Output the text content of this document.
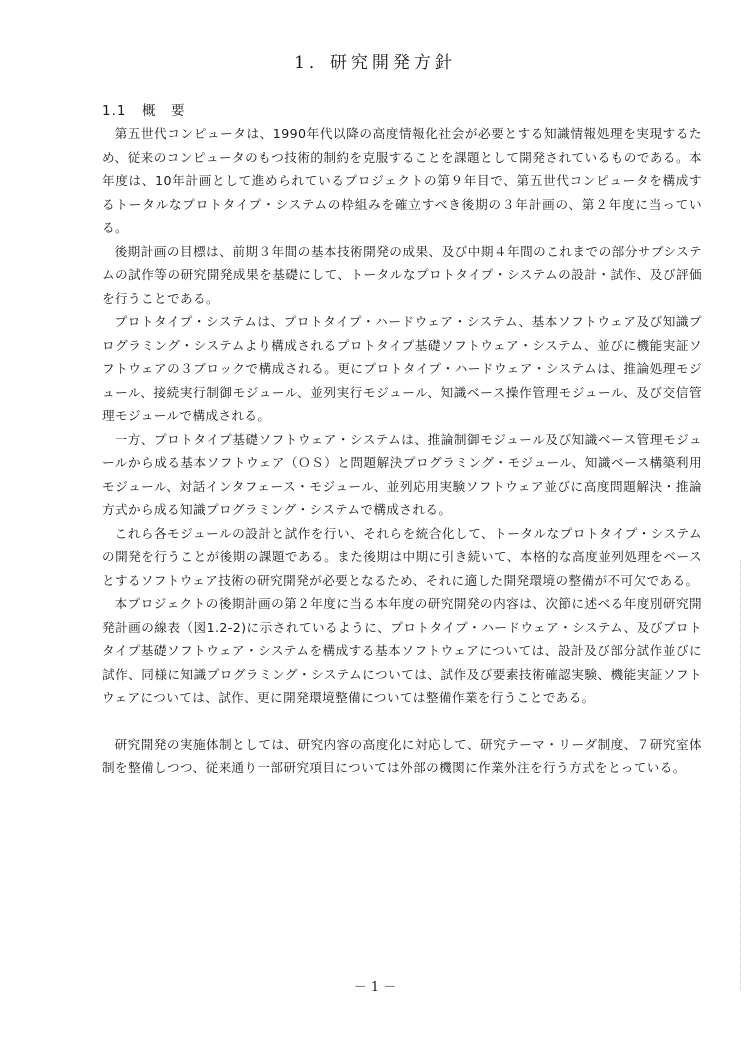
1．研究開発方針
1.1 概　要

第五世代コンピュータは、1990年代以降の高度情報化社会が必要とする知識情報処理を実現するため、従来のコンピュータのもつ技術的制約を克服することを課題として開発されているものである。本年度は、10年計画として進められているプロジェクトの第９年目で、第五世代コンピュータを構成するトータルなプロトタイプ・システムの枠組みを確立すべき後期の３年計画の、第２年度に当っている。

後期計画の目標は、前期３年間の基本技術開発の成果、及び中期４年間のこれまでの部分サブシステムの試作等の研究開発成果を基礎にして、トータルなプロトタイプ・システムの設計・試作、及び評価を行うことである。

プロトタイプ・システムは、プロトタイプ・ハードウェア・システム、基本ソフトウェア及び知識プログラミング・システムより構成されるプロトタイプ基礎ソフトウェア・システム、並びに機能実証ソフトウェアの３ブロックで構成される。更にプロトタイプ・ハードウェア・システムは、推論処理モジュール、接続実行制御モジュール、並列実行モジュール、知識ベース操作管理モジュール、及び交信管理モジュールで構成される。

一方、プロトタイプ基礎ソフトウェア・システムは、推論制御モジュール及び知識ベース管理モジュールから成る基本ソフトウェア（ＯＳ）と問題解決プログラミング・モジュール、知識ベース構築利用モジュール、対話インタフェース・モジュール、並列応用実験ソフトウェア並びに高度問題解決・推論方式から成る知識プログラミング・システムで構成される。

これら各モジュールの設計と試作を行い、それらを統合化して、トータルなプロトタイプ・システムの開発を行うことが後期の課題である。また後期は中期に引き続いて、本格的な高度並列処理をベースとするソフトウェア技術の研究開発が必要となるため、それに適した開発環境の整備が不可欠である。

本プロジェクトの後期計画の第２年度に当る本年度の研究開発の内容は、次節に述べる年度別研究開発計画の線表（図1.2-2)に示されているように、プロトタイプ・ハードウェア・システム、及びプロトタイプ基礎ソフトウェア・システムを構成する基本ソフトウェアについては、設計及び部分試作並びに試作、同様に知識プログラミング・システムについては、試作及び要素技術確認実験、機能実証ソフトウェアについては、試作、更に開発環境整備については整備作業を行うことである。

研究開発の実施体制としては、研究内容の高度化に対応して、研究テーマ・リーダ制度、７研究室体制を整備しつつ、従来通り一部研究項目については外部の機関に作業外注を行う方式をとっている。

－ 1 －
